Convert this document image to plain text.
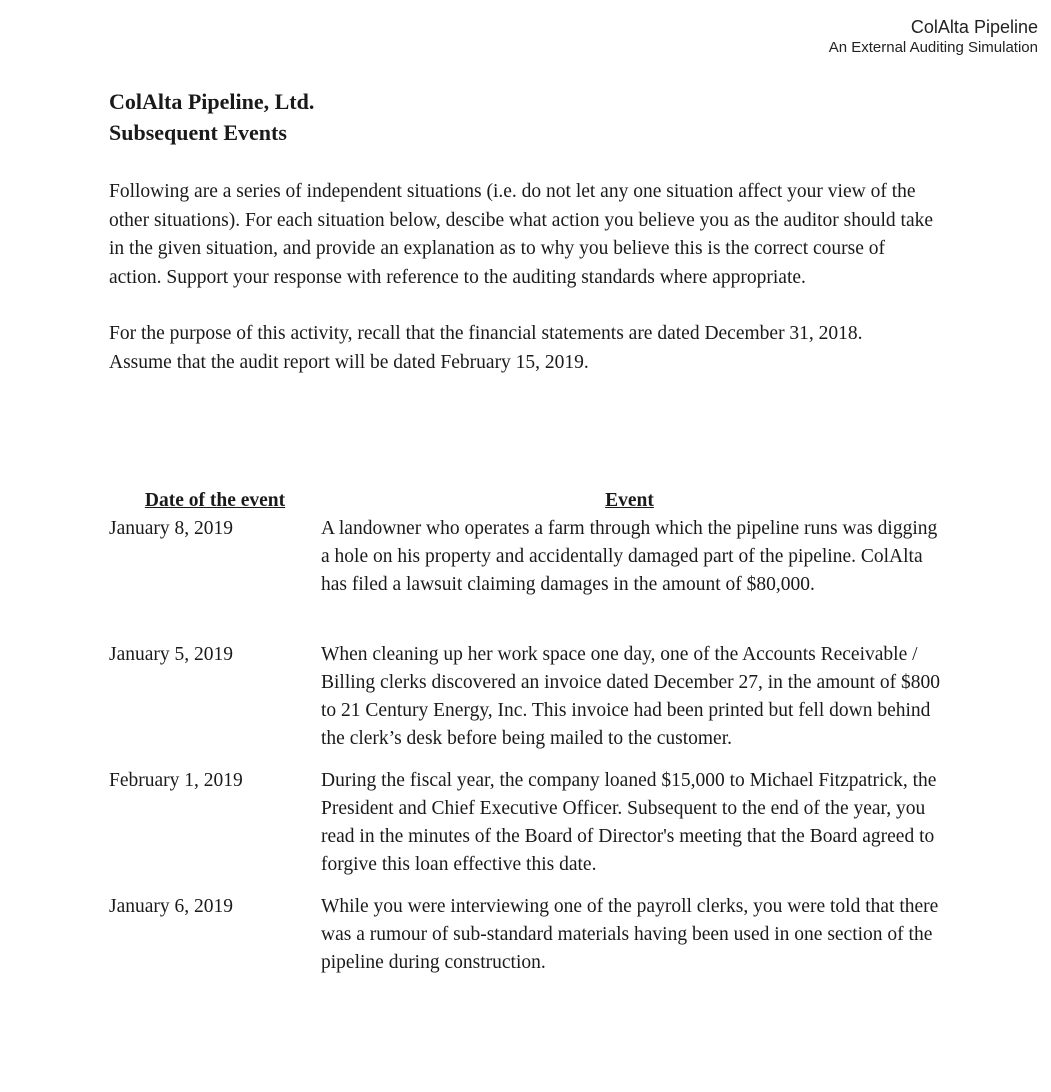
ColAlta Pipeline
An External Auditing Simulation
ColAlta Pipeline, Ltd.
Subsequent Events

Following are a series of independent situations (i.e. do not let any one situation affect your view of the other situations). For each situation below, descibe what action you believe you as the auditor should take in the given situation, and provide an explanation as to why you believe this is the correct course of action. Support your response with reference to the auditing standards where appropriate.

For the purpose of this activity, recall that the financial statements are dated December 31, 2018.
Assume that the audit report will be dated February 15, 2019.

Date of the event	Event
January 8, 2019	A landowner who operates a farm through which the pipeline runs was digging a hole on his property and accidentally damaged part of the pipeline. ColAlta has filed a lawsuit claiming damages in the amount of $80,000.
January 5, 2019	When cleaning up her work space one day, one of the Accounts Receivable / Billing clerks discovered an invoice dated December 27, in the amount of $800 to 21 Century Energy, Inc. This invoice had been printed but fell down behind the clerk’s desk before being mailed to the customer.
February 1, 2019	During the fiscal year, the company loaned $15,000 to Michael Fitzpatrick, the President and Chief Executive Officer. Subsequent to the end of the year, you read in the minutes of the Board of Director's meeting that the Board agreed to forgive this loan effective this date.
January 6, 2019	While you were interviewing one of the payroll clerks, you were told that there was a rumour of sub-standard materials having been used in one section of the pipeline during construction.
